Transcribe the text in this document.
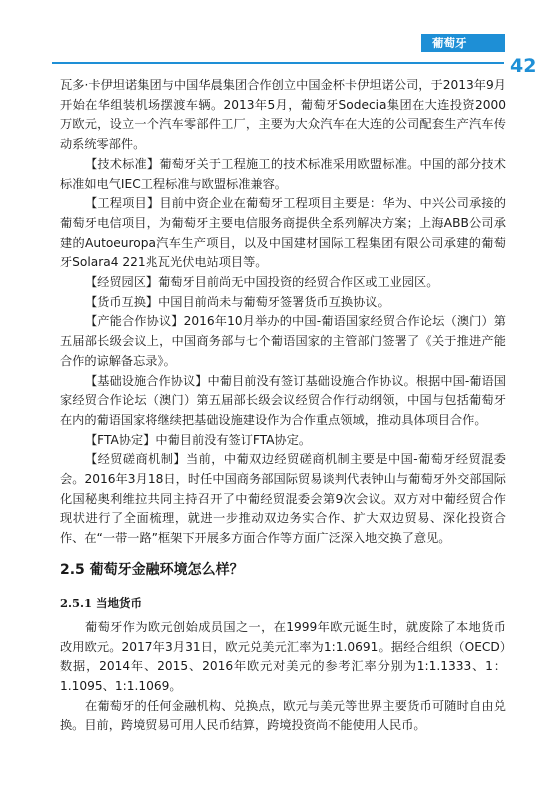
葡萄牙
42

瓦多·卡伊坦诺集团与中国华晨集团合作创立中国金杯卡伊坦诺公司，于2013年9月开始在华组装机场摆渡车辆。2013年5月，葡萄牙Sodecia集团在大连投资2000万欧元，设立一个汽车零部件工厂，主要为大众汽车在大连的公司配套生产汽车传动系统零部件。

【技术标准】葡萄牙关于工程施工的技术标准采用欧盟标准。中国的部分技术标准如电气IEC工程标准与欧盟标准兼容。

【工程项目】目前中资企业在葡萄牙工程项目主要是：华为、中兴公司承接的葡萄牙电信项目，为葡萄牙主要电信服务商提供全系列解决方案；上海ABB公司承建的Autoeuropa汽车生产项目，以及中国建材国际工程集团有限公司承建的葡萄牙Solara4 221兆瓦光伏电站项目等。

【经贸园区】葡萄牙目前尚无中国投资的经贸合作区或工业园区。

【货币互换】中国目前尚未与葡萄牙签署货币互换协议。

【产能合作协议】2016年10月举办的中国-葡语国家经贸合作论坛（澳门）第五届部长级会议上，中国商务部与七个葡语国家的主管部门签署了《关于推进产能合作的谅解备忘录》。

【基础设施合作协议】中葡目前没有签订基础设施合作协议。根据中国-葡语国家经贸合作论坛（澳门）第五届部长级会议经贸合作行动纲领，中国与包括葡萄牙在内的葡语国家将继续把基础设施建设作为合作重点领域，推动具体项目合作。

【FTA协定】中葡目前没有签订FTA协定。

【经贸磋商机制】当前，中葡双边经贸磋商机制主要是中国-葡萄牙经贸混委会。2016年3月18日，时任中国商务部国际贸易谈判代表钟山与葡萄牙外交部国际化国秘奥利维拉共同主持召开了中葡经贸混委会第9次会议。双方对中葡经贸合作现状进行了全面梳理，就进一步推动双边务实合作、扩大双边贸易、深化投资合作、在“一带一路”框架下开展多方面合作等方面广泛深入地交换了意见。

2.5 葡萄牙金融环境怎么样？
2.5.1 当地货币

葡萄牙作为欧元创始成员国之一，在1999年欧元诞生时，就废除了本地货币改用欧元。2017年3月31日，欧元兑美元汇率为1:1.0691。据经合组织（OECD）数据，2014年、2015、2016年欧元对美元的参考汇率分别为1:1.1333、1：1.1095、1:1.1069。

在葡萄牙的任何金融机构、兑换点，欧元与美元等世界主要货币可随时自由兑换。目前，跨境贸易可用人民币结算，跨境投资尚不能使用人民币。
